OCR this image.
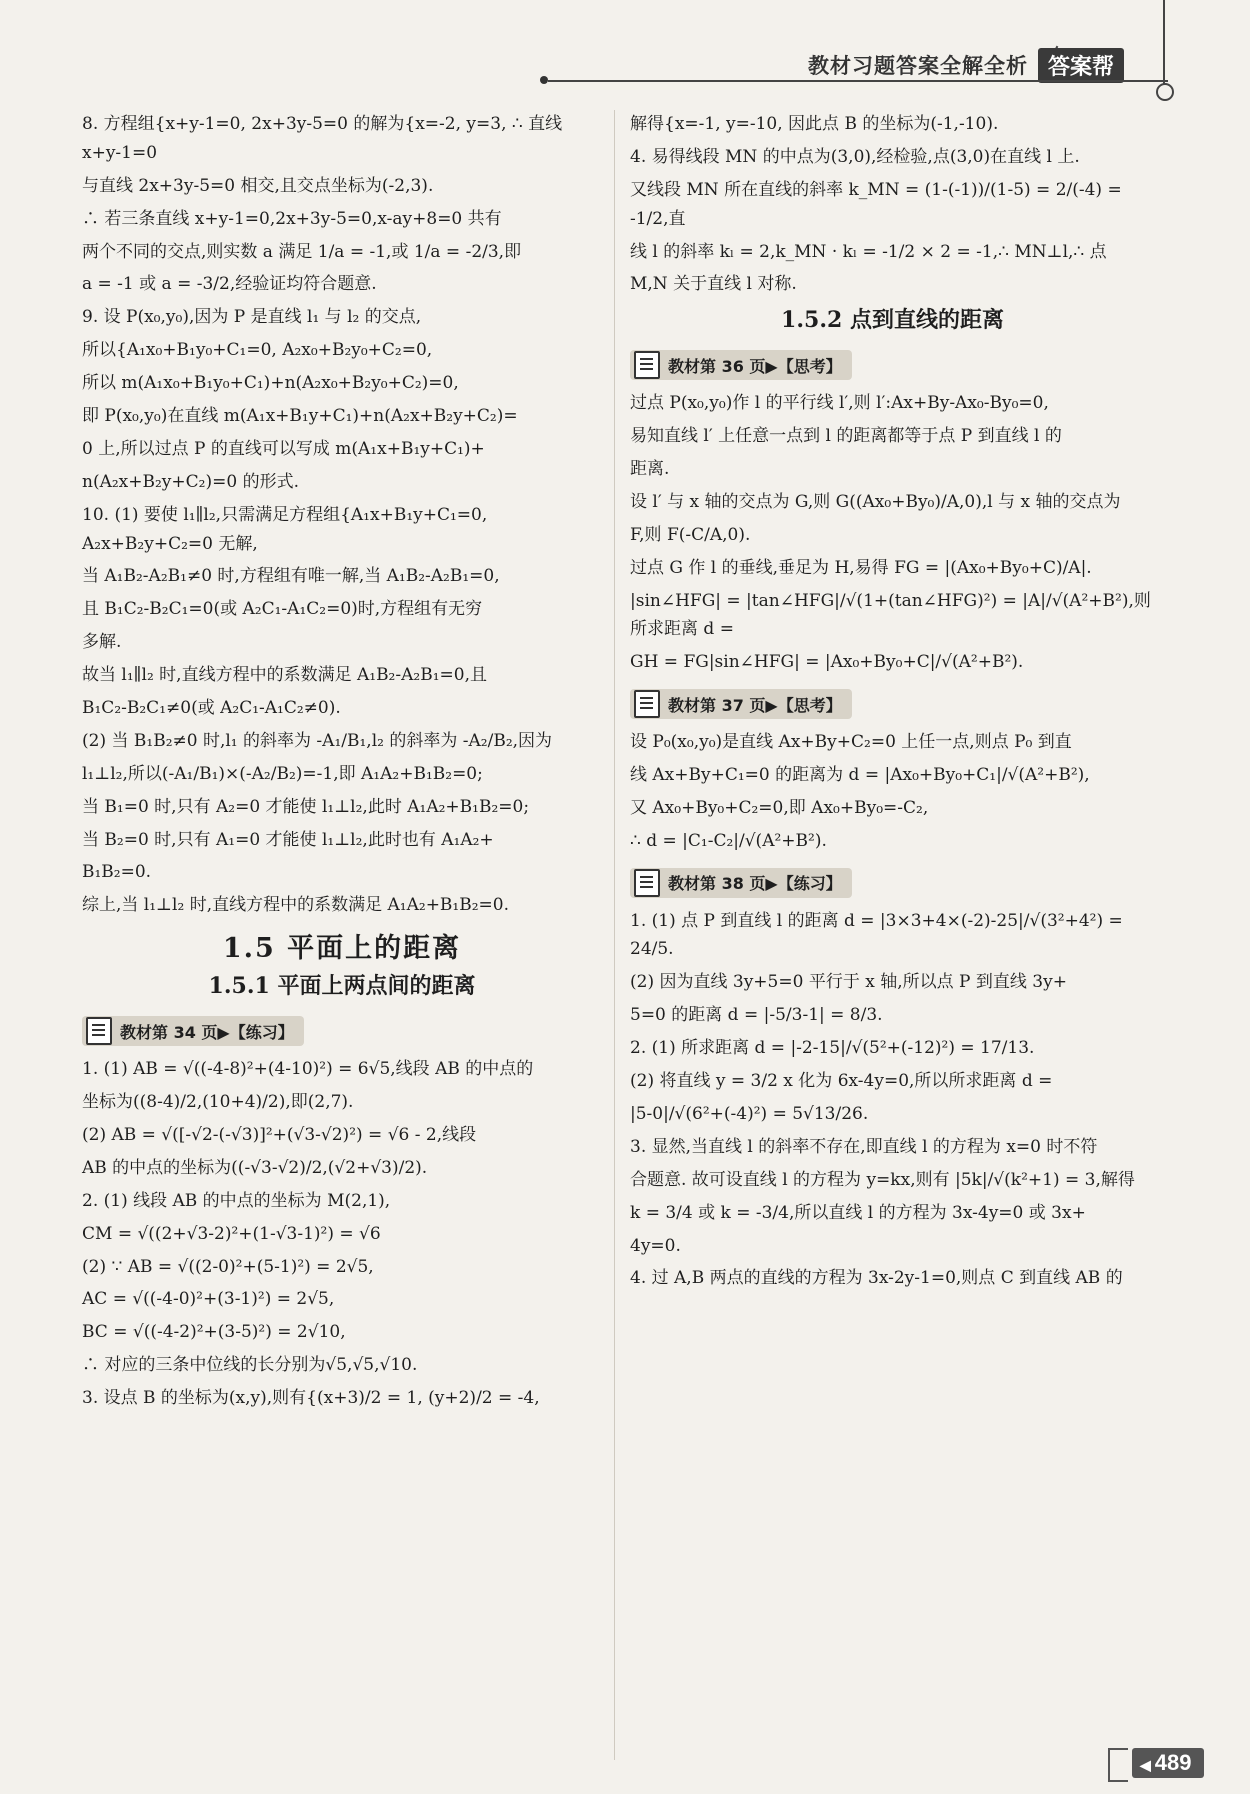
教材习题答案全解全析 答案帮
8. 方程组{x+y-1=0, 2x+3y-5=0 的解为{x=-2, y=3, ∴ 直线 x+y-1=0
与直线 2x+3y-5=0 相交,且交点坐标为(-2,3).
∴ 若三条直线 x+y-1=0,2x+3y-5=0,x-ay+8=0 共有
两个不同的交点,则实数 a 满足 1/a = -1,或 1/a = -2/3,即
a = -1 或 a = -3/2,经验证均符合题意.
9. 设 P(x₀,y₀),因为 P 是直线 l₁ 与 l₂ 的交点,
所以{A₁x₀+B₁y₀+C₁=0, A₂x₀+B₂y₀+C₂=0,
所以 m(A₁x₀+B₁y₀+C₁)+n(A₂x₀+B₂y₀+C₂)=0,
即 P(x₀,y₀)在直线 m(A₁x+B₁y+C₁)+n(A₂x+B₂y+C₂)=
0 上,所以过点 P 的直线可以写成 m(A₁x+B₁y+C₁)+
n(A₂x+B₂y+C₂)=0 的形式.
10. (1) 要使 l₁∥l₂,只需满足方程组{A₁x+B₁y+C₁=0, A₂x+B₂y+C₂=0 无解,
当 A₁B₂-A₂B₁≠0 时,方程组有唯一解,当 A₁B₂-A₂B₁=0,
且 B₁C₂-B₂C₁=0(或 A₂C₁-A₁C₂=0)时,方程组有无穷
多解.
故当 l₁∥l₂ 时,直线方程中的系数满足 A₁B₂-A₂B₁=0,且
B₁C₂-B₂C₁≠0(或 A₂C₁-A₁C₂≠0).
(2) 当 B₁B₂≠0 时,l₁ 的斜率为 -A₁/B₁,l₂ 的斜率为 -A₂/B₂,因为
l₁⊥l₂,所以(-A₁/B₁)×(-A₂/B₂)=-1,即 A₁A₂+B₁B₂=0;
当 B₁=0 时,只有 A₂=0 才能使 l₁⊥l₂,此时 A₁A₂+B₁B₂=0;
当 B₂=0 时,只有 A₁=0 才能使 l₁⊥l₂,此时也有 A₁A₂+
B₁B₂=0.
综上,当 l₁⊥l₂ 时,直线方程中的系数满足 A₁A₂+B₁B₂=0.
1.5 平面上的距离
1.5.1 平面上两点间的距离
教材第 34 页▶【练习】
1. (1) AB = √((-4-8)²+(4-10)²) = 6√5,线段 AB 的中点的
坐标为((8-4)/2,(10+4)/2),即(2,7).
(2) AB = √([-√2-(-√3)]²+(√3-√2)²) = √6 - 2,线段
AB 的中点的坐标为((-√3-√2)/2,(√2+√3)/2).
2. (1) 线段 AB 的中点的坐标为 M(2,1),
CM = √((2+√3-2)²+(1-√3-1)²) = √6
(2) ∵ AB = √((2-0)²+(5-1)²) = 2√5,
AC = √((-4-0)²+(3-1)²) = 2√5,
BC = √((-4-2)²+(3-5)²) = 2√10,
∴ 对应的三条中位线的长分别为√5,√5,√10.
3. 设点 B 的坐标为(x,y),则有{(x+3)/2 = 1, (y+2)/2 = -4,
解得{x=-1, y=-10, 因此点 B 的坐标为(-1,-10).
4. 易得线段 MN 的中点为(3,0),经检验,点(3,0)在直线 l 上.
又线段 MN 所在直线的斜率 k_MN = (1-(-1))/(1-5) = 2/(-4) = -1/2,直
线 l 的斜率 kₗ = 2,k_MN · kₗ = -1/2 × 2 = -1,∴ MN⊥l,∴ 点
M,N 关于直线 l 对称.
1.5.2 点到直线的距离
教材第 36 页▶【思考】
过点 P(x₀,y₀)作 l 的平行线 l′,则 l′:Ax+By-Ax₀-By₀=0,
易知直线 l′ 上任意一点到 l 的距离都等于点 P 到直线 l 的
距离.
设 l′ 与 x 轴的交点为 G,则 G((Ax₀+By₀)/A,0),l 与 x 轴的交点为
F,则 F(-C/A,0).
过点 G 作 l 的垂线,垂足为 H,易得 FG = |(Ax₀+By₀+C)/A|.
|sin∠HFG| = |tan∠HFG|/√(1+(tan∠HFG)²) = |A|/√(A²+B²),则所求距离 d =
GH = FG|sin∠HFG| = |Ax₀+By₀+C|/√(A²+B²).
教材第 37 页▶【思考】
设 P₀(x₀,y₀)是直线 Ax+By+C₂=0 上任一点,则点 P₀ 到直
线 Ax+By+C₁=0 的距离为 d = |Ax₀+By₀+C₁|/√(A²+B²),
又 Ax₀+By₀+C₂=0,即 Ax₀+By₀=-C₂,
∴ d = |C₁-C₂|/√(A²+B²).
教材第 38 页▶【练习】
1. (1) 点 P 到直线 l 的距离 d = |3×3+4×(-2)-25|/√(3²+4²) = 24/5.
(2) 因为直线 3y+5=0 平行于 x 轴,所以点 P 到直线 3y+
5=0 的距离 d = |-5/3-1| = 8/3.
2. (1) 所求距离 d = |-2-15|/√(5²+(-12)²) = 17/13.
(2) 将直线 y = 3/2 x 化为 6x-4y=0,所以所求距离 d =
|5-0|/√(6²+(-4)²) = 5√13/26.
3. 显然,当直线 l 的斜率不存在,即直线 l 的方程为 x=0 时不符
合题意. 故可设直线 l 的方程为 y=kx,则有 |5k|/√(k²+1) = 3,解得
k = 3/4 或 k = -3/4,所以直线 l 的方程为 3x-4y=0 或 3x+
4y=0.
4. 过 A,B 两点的直线的方程为 3x-2y-1=0,则点 C 到直线 AB 的
◀ 489
